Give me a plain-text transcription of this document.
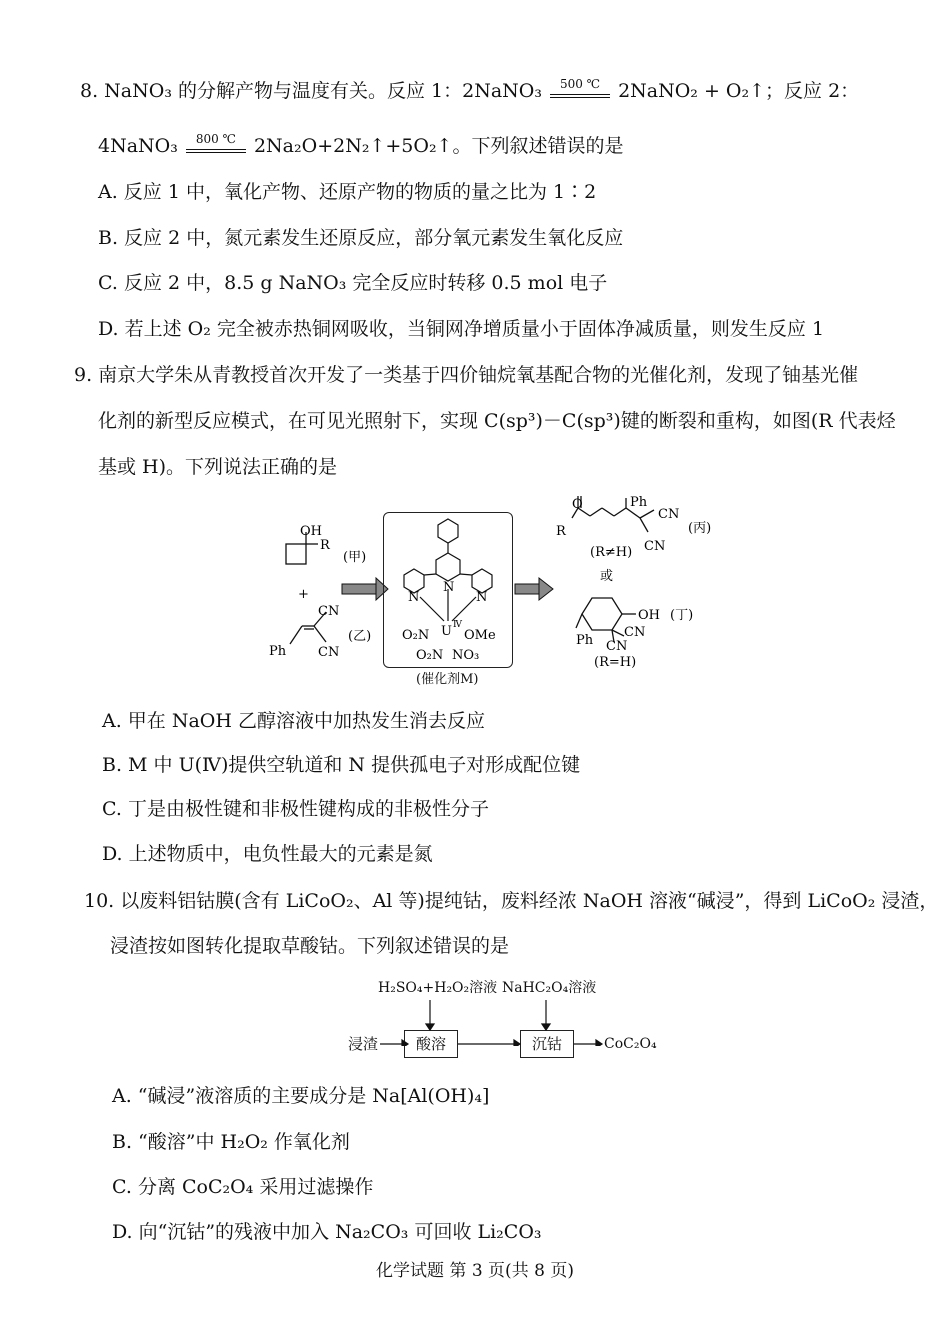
8. NaNO₃ 的分解产物与温度有关。反应 1：2NaNO₃	500 ℃ 2NaNO₂ + O₂↑；反应 2：
4NaNO₃	800 ℃ 2Na₂O+2N₂↑+5O₂↑。下列叙述错误的是
A. 反应 1 中，氧化产物、还原产物的物质的量之比为 1∶2
B. 反应 2 中，氮元素发生还原反应，部分氧元素发生氧化反应
C. 反应 2 中，8.5 g NaNO₃ 完全反应时转移 0.5 mol 电子
D. 若上述 O₂ 完全被赤热铜网吸收，当铜网净增质量小于固体净减质量，则发生反应 1
9. 南京大学朱从青教授首次开发了一类基于四价铀烷氧基配合物的光催化剂，发现了铀基光催
化剂的新型反应模式，在可见光照射下，实现 C(sp³)－C(sp³)键的断裂和重构，如图(R 代表烃
基或 H)。下列说法正确的是
OH
R
(甲)
+
Ph
CN
CN
(乙)
O
R
Ph
CN
CN
(丙)
(R≠H)
或
OH (丁)
Ph
CN
CN
(R=H)
N
N	N
O₂N U Ⅳ
OMe
O₂N NO₃
(催化剂M)
A. 甲在 NaOH 乙醇溶液中加热发生消去反应
B. M 中 U(Ⅳ)提供空轨道和 N 提供孤电子对形成配位键
C. 丁是由极性键和非极性键构成的非极性分子
D. 上述物质中，电负性最大的元素是氮
10. 以废料铝钴膜(含有 LiCoO₂、Al 等)提纯钴，废料经浓 NaOH 溶液“碱浸”，得到 LiCoO₂ 浸渣，
浸渣按如图转化提取草酸钴。下列叙述错误的是
H₂SO₄+H₂O₂溶液 NaHC₂O₄溶液
浸渣	酸溶	沉钴	CoC₂O₄
A. “碱浸”液溶质的主要成分是 Na[Al(OH)₄]
B. “酸溶”中 H₂O₂ 作氧化剂
C. 分离 CoC₂O₄ 采用过滤操作
D. 向“沉钴”的残液中加入 Na₂CO₃ 可回收 Li₂CO₃
化学试题 第 3 页(共 8 页)
